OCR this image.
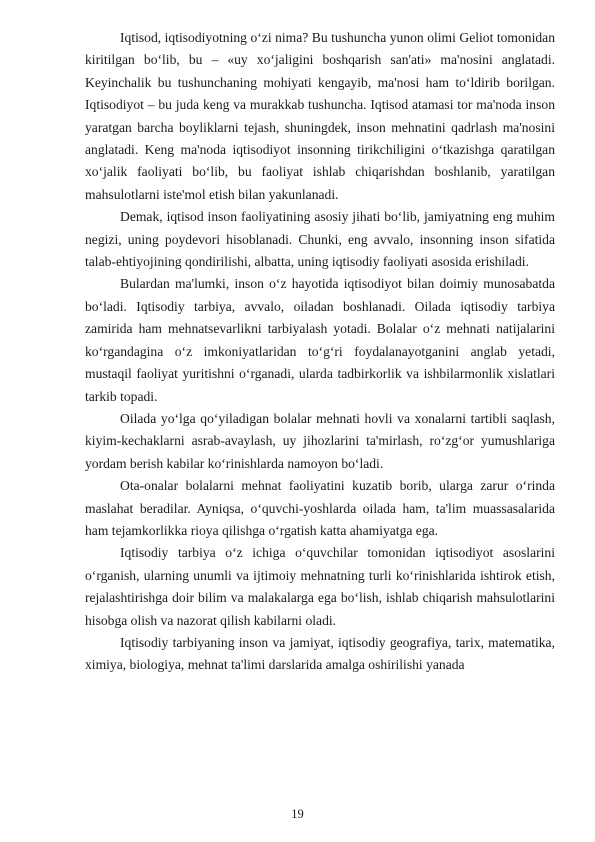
Iqtisod, iqtisodiyotning o‘zi nima? Bu tushuncha yunon olimi Geliot tomonidan kiritilgan bo‘lib, bu – «uy xo‘jaligini boshqarish san'ati» ma'nosini anglatadi. Keyinchalik bu tushunchaning mohiyati kengayib, ma'nosi ham to‘ldirib borilgan. Iqtisodiyot – bu juda keng va murakkab tushuncha. Iqtisod atamasi tor ma'noda inson yaratgan barcha boyliklarni tejash, shuningdek, inson mehnatini qadrlash ma'nosini anglatadi. Keng ma'noda iqtisodiyot insonning tirikchiligini o‘tkazishga qaratilgan xo‘jalik faoliyati bo‘lib, bu faoliyat ishlab chiqarishdan boshlanib, yaratilgan mahsulotlarni iste'mol etish bilan yakunlanadi.

Demak, iqtisod inson faoliyatining asosiy jihati bo‘lib, jamiyatning eng muhim negizi, uning poydevori hisoblanadi. Chunki, eng avvalo, insonning inson sifatida talab-ehtiyojining qondirilishi, albatta, uning iqtisodiy faoliyati asosida erishiladi.

Bulardan ma'lumki, inson o‘z hayotida iqtisodiyot bilan doimiy munosabatda bo‘ladi. Iqtisodiy tarbiya, avvalo, oiladan boshlanadi. Oilada iqtisodiy tarbiya zamirida ham mehnatsevarlikni tarbiyalash yotadi. Bolalar o‘z mehnati natijalarini ko‘rgandagina o‘z imkoniyatlaridan to‘g‘ri foydalanayotganini anglab yetadi, mustaqil faoliyat yuritishni o‘rganadi, ularda tadbirkorlik va ishbilarmonlik xislatlari tarkib topadi.

Oilada yo‘lga qo‘yiladigan bolalar mehnati hovli va xonalarni tartibli saqlash, kiyim-kechaklarni asrab-avaylash, uy jihozlarini ta'mirlash, ro‘zg‘or yumushlariga yordam berish kabilar ko‘rinishlarda namoyon bo‘ladi.

Ota-onalar bolalarni mehnat faoliyatini kuzatib borib, ularga zarur o‘rinda maslahat beradilar. Ayniqsa, o‘quvchi-yoshlarda oilada ham, ta'lim muassasalarida ham tejamkorlikka rioya qilishga o‘rgatish katta ahamiyatga ega.

Iqtisodiy tarbiya o‘z ichiga o‘quvchilar tomonidan iqtisodiyot asoslarini o‘rganish, ularning unumli va ijtimoiy mehnatning turli ko‘rinishlarida ishtirok etish, rejalashtirishga doir bilim va malakalarga ega bo‘lish, ishlab chiqarish mahsulotlarini hisobga olish va nazorat qilish kabilarni oladi.

Iqtisodiy tarbiyaning inson va jamiyat, iqtisodiy geografiya, tarix, matematika, ximiya, biologiya, mehnat ta'limi darslarida amalga oshirilishi yanada

19
